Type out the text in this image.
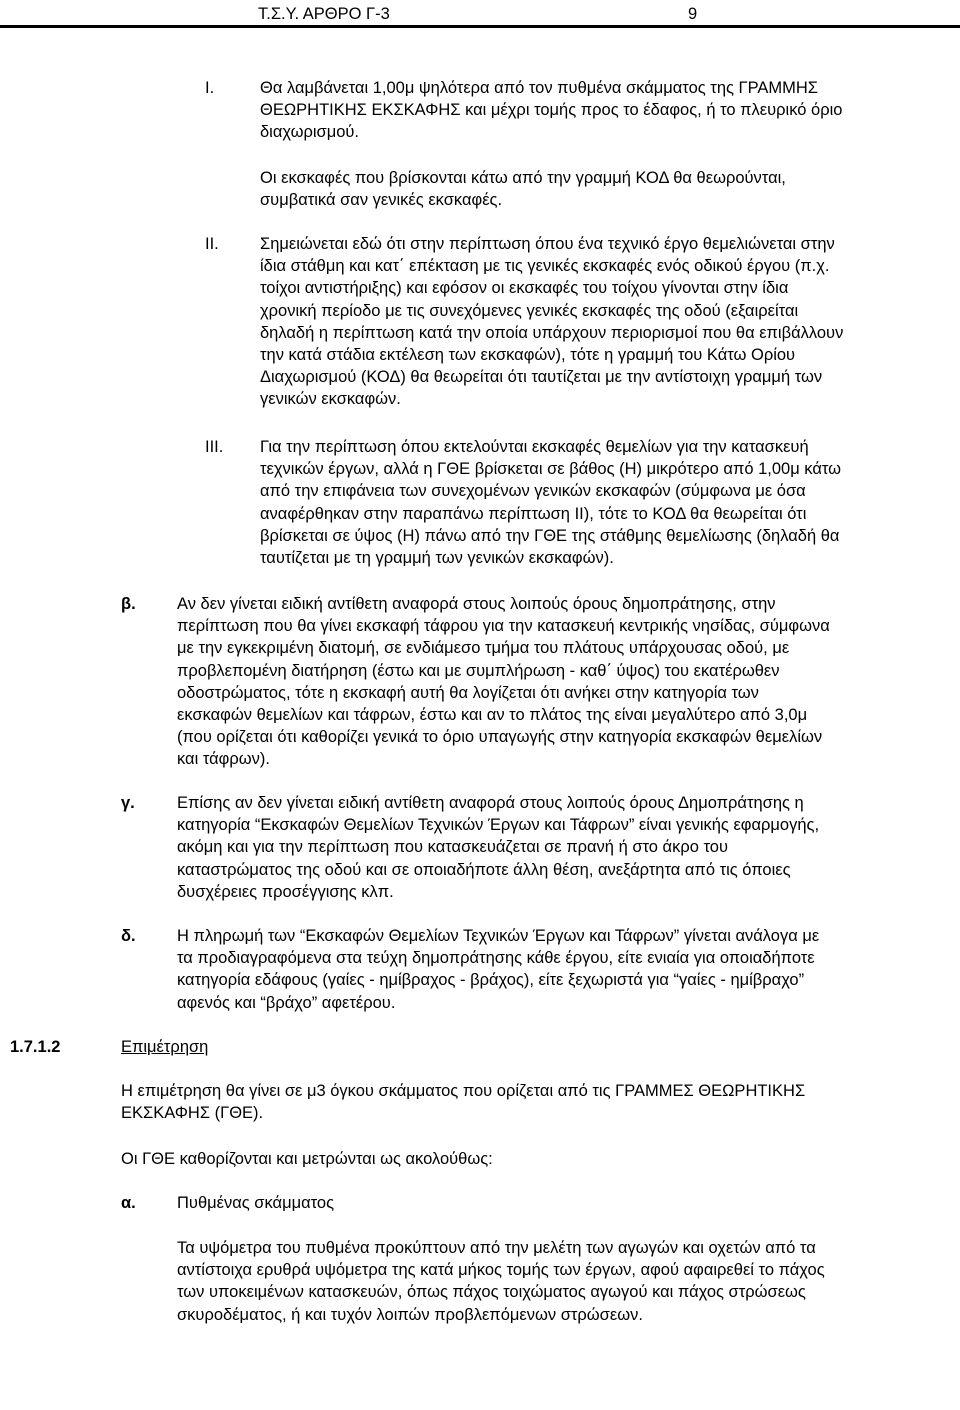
Τ.Σ.Υ. ΑΡΘΡΟ Γ-3	9
I.	Θα λαμβάνεται 1,00μ ψηλότερα από τον πυθμένα σκάμματος της ΓΡΑΜΜΗΣ
ΘΕΩΡΗΤΙΚΗΣ ΕΚΣΚΑΦΗΣ και μέχρι τομής προς το έδαφος, ή το πλευρικό όριο
διαχωρισμού.
Οι εκσκαφές που βρίσκονται κάτω από την γραμμή ΚΟΔ θα θεωρούνται,
συμβατικά σαν γενικές εκσκαφές.
II. Σημειώνεται εδώ ότι στην περίπτωση όπου ένα τεχνικό έργο θεμελιώνεται στην
ίδια στάθμη και κατ΄ επέκταση με τις γενικές εκσκαφές ενός οδικού έργου (π.χ.
τοίχοι αντιστήριξης) και εφόσον οι εκσκαφές του τοίχου γίνονται στην ίδια
χρονική περίοδο με τις συνεχόμενες γενικές εκσκαφές της οδού (εξαιρείται
δηλαδή η περίπτωση κατά την οποία υπάρχουν περιορισμοί που θα επιβάλλουν
την κατά στάδια εκτέλεση των εκσκαφών), τότε η γραμμή του Κάτω Ορίου
Διαχωρισμού (ΚΟΔ) θα θεωρείται ότι ταυτίζεται με την αντίστοιχη γραμμή των
γενικών εκσκαφών.
III. Για την περίπτωση όπου εκτελούνται εκσκαφές θεμελίων για την κατασκευή
τεχνικών έργων, αλλά η ΓΘΕ βρίσκεται σε βάθος (Η) μικρότερο από 1,00μ κάτω
από την επιφάνεια των συνεχομένων γενικών εκσκαφών (σύμφωνα με όσα
αναφέρθηκαν στην παραπάνω περίπτωση ΙΙ), τότε το ΚΟΔ θα θεωρείται ότι
βρίσκεται σε ύψος (Η) πάνω από την ΓΘΕ της στάθμης θεμελίωσης (δηλαδή θα
ταυτίζεται με τη γραμμή των γενικών εκσκαφών).
β.	Αν δεν γίνεται ειδική αντίθετη αναφορά στους λοιπούς όρους δημοπράτησης, στην
περίπτωση που θα γίνει εκσκαφή τάφρου για την κατασκευή κεντρικής νησίδας, σύμφωνα
με την εγκεκριμένη διατομή, σε ενδιάμεσο τμήμα του πλάτους υπάρχουσας οδού, με
προβλεπομένη διατήρηση (έστω και με συμπλήρωση - καθ΄ ύψος) του εκατέρωθεν
οδοστρώματος, τότε η εκσκαφή αυτή θα λογίζεται ότι ανήκει στην κατηγορία των
εκσκαφών θεμελίων και τάφρων, έστω και αν το πλάτος της είναι μεγαλύτερο από 3,0μ
(που ορίζεται ότι καθορίζει γενικά το όριο υπαγωγής στην κατηγορία εκσκαφών θεμελίων
και τάφρων).
γ.	Επίσης αν δεν γίνεται ειδική αντίθετη αναφορά στους λοιπούς όρους Δημοπράτησης η
κατηγορία “Εκσκαφών Θεμελίων Τεχνικών Έργων και Τάφρων” είναι γενικής εφαρμογής,
ακόμη και για την περίπτωση που κατασκευάζεται σε πρανή ή στο άκρο του
καταστρώματος της οδού και σε οποιαδήποτε άλλη θέση, ανεξάρτητα από τις όποιες
δυσχέρειες προσέγγισης κλπ.
δ.	Η πληρωμή των “Εκσκαφών Θεμελίων Τεχνικών Έργων και Τάφρων” γίνεται ανάλογα με
τα προδιαγραφόμενα στα τεύχη δημοπράτησης κάθε έργου, είτε ενιαία για οποιαδήποτε
κατηγορία εδάφους (γαίες - ημίβραχος - βράχος), είτε ξεχωριστά για “γαίες - ημίβραχο”
αφενός και “βράχο” αφετέρου.
1.7.1.2	Επιμέτρηση
Η επιμέτρηση θα γίνει σε μ3 όγκου σκάμματος που ορίζεται από τις ΓΡΑΜΜΕΣ ΘΕΩΡΗΤΙΚΗΣ
ΕΚΣΚΑΦΗΣ (ΓΘΕ).
Οι ΓΘΕ καθορίζονται και μετρώνται ως ακολούθως:
α.	Πυθμένας σκάμματος
Τα υψόμετρα του πυθμένα προκύπτουν από την μελέτη των αγωγών και οχετών από τα
αντίστοιχα ερυθρά υψόμετρα της κατά μήκος τομής των έργων, αφού αφαιρεθεί το πάχος
των υποκειμένων κατασκευών, όπως πάχος τοιχώματος αγωγού και πάχος στρώσεως
σκυροδέματος, ή και τυχόν λοιπών προβλεπόμενων στρώσεων.
